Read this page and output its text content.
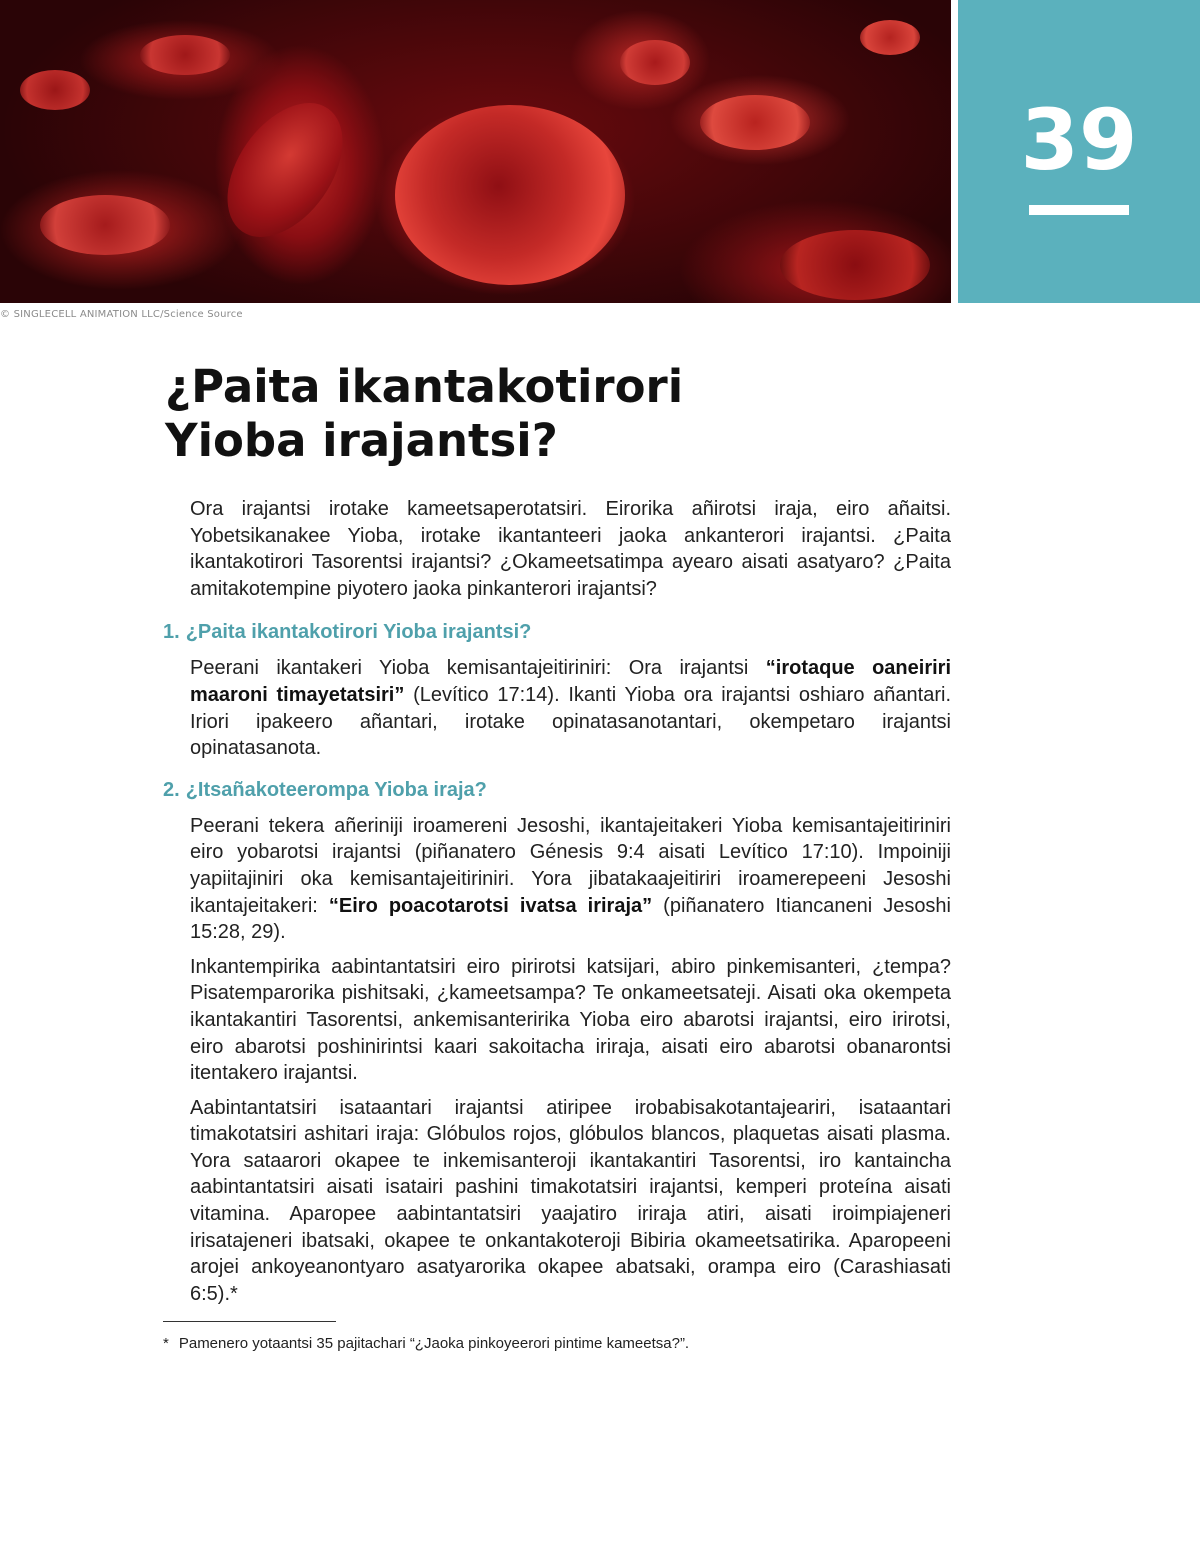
39
© SINGLECELL ANIMATION LLC/Science Source
¿Paita ikantakotirori
Yioba irajantsi?

Ora irajantsi irotake kameetsaperotatsiri. Eirorika añirotsi iraja, eiro añaitsi. Yobetsikanakee Yioba, irotake ikantanteeri jaoka ankanterori irajantsi. ¿Paita ikantakotirori Tasorentsi irajantsi? ¿Okameetsatimpa ayearo aisati asatyaro? ¿Paita amitakotempine piyotero jaoka pinkanterori irajantsi?

1. ¿Paita ikantakotirori Yioba irajantsi?

Peerani ikantakeri Yioba kemisantajeitiriniri: Ora irajantsi “irotaque oaneiriri maaroni timayetatsiri” (Levítico 17:14). Ikanti Yioba ora irajantsi oshiaro añantari. Iriori ipakeero añantari, irotake opinatasanotantari, okempetaro irajantsi opinatasanota.

2. ¿Itsañakoteerompa Yioba iraja?

Peerani tekera añeriniji iroamereni Jesoshi, ikantajeitakeri Yioba kemisantajeitiriniri eiro yobarotsi irajantsi (piñanatero Génesis 9:4 aisati Levítico 17:10). Impoiniji yapiitajiniri oka kemisantajeitiriniri. Yora jibatakaajeitiriri iroamerepeeni Jesoshi ikantajeitakeri: “Eiro poacotarotsi ivatsa iriraja” (piñanatero Itiancaneni Jesoshi 15:28, 29).

Inkantempirika aabintantatsiri eiro pirirotsi katsijari, abiro pinkemisanteri, ¿tempa? Pisatemparorika pishitsaki, ¿kameetsampa? Te onkameetsateji. Aisati oka okempeta ikantakantiri Tasorentsi, ankemisanteririka Yioba eiro abarotsi irajantsi, eiro irirotsi, eiro abarotsi poshinirintsi kaari sakoitacha iriraja, aisati eiro abarotsi obanarontsi itentakero irajantsi.

Aabintantatsiri isataantari irajantsi atiripee irobabisakotantajeariri, isataantari timakotatsiri ashitari iraja: Glóbulos rojos, glóbulos blancos, plaquetas aisati plasma. Yora sataarori okapee te inkemisanteroji ikantakantiri Tasorentsi, iro kantaincha aabintantatsiri aisati isatairi pashini timakotatsiri irajantsi, kemperi proteína aisati vitamina. Aparopee aabintantatsiri yaajatiro iriraja atiri, aisati iroimpiajeneri irisatajeneri ibatsaki, okapee te onkantakoteroji Bibiria okameetsatirika. Aparopeeni arojei ankoyeanontyaro asatyarorika okapee abatsaki, orampa eiro (Carashiasati 6:5).*

* Pamenero yotaantsi 35 pajitachari “¿Jaoka pinkoyeerori pintime kameetsa?”.
